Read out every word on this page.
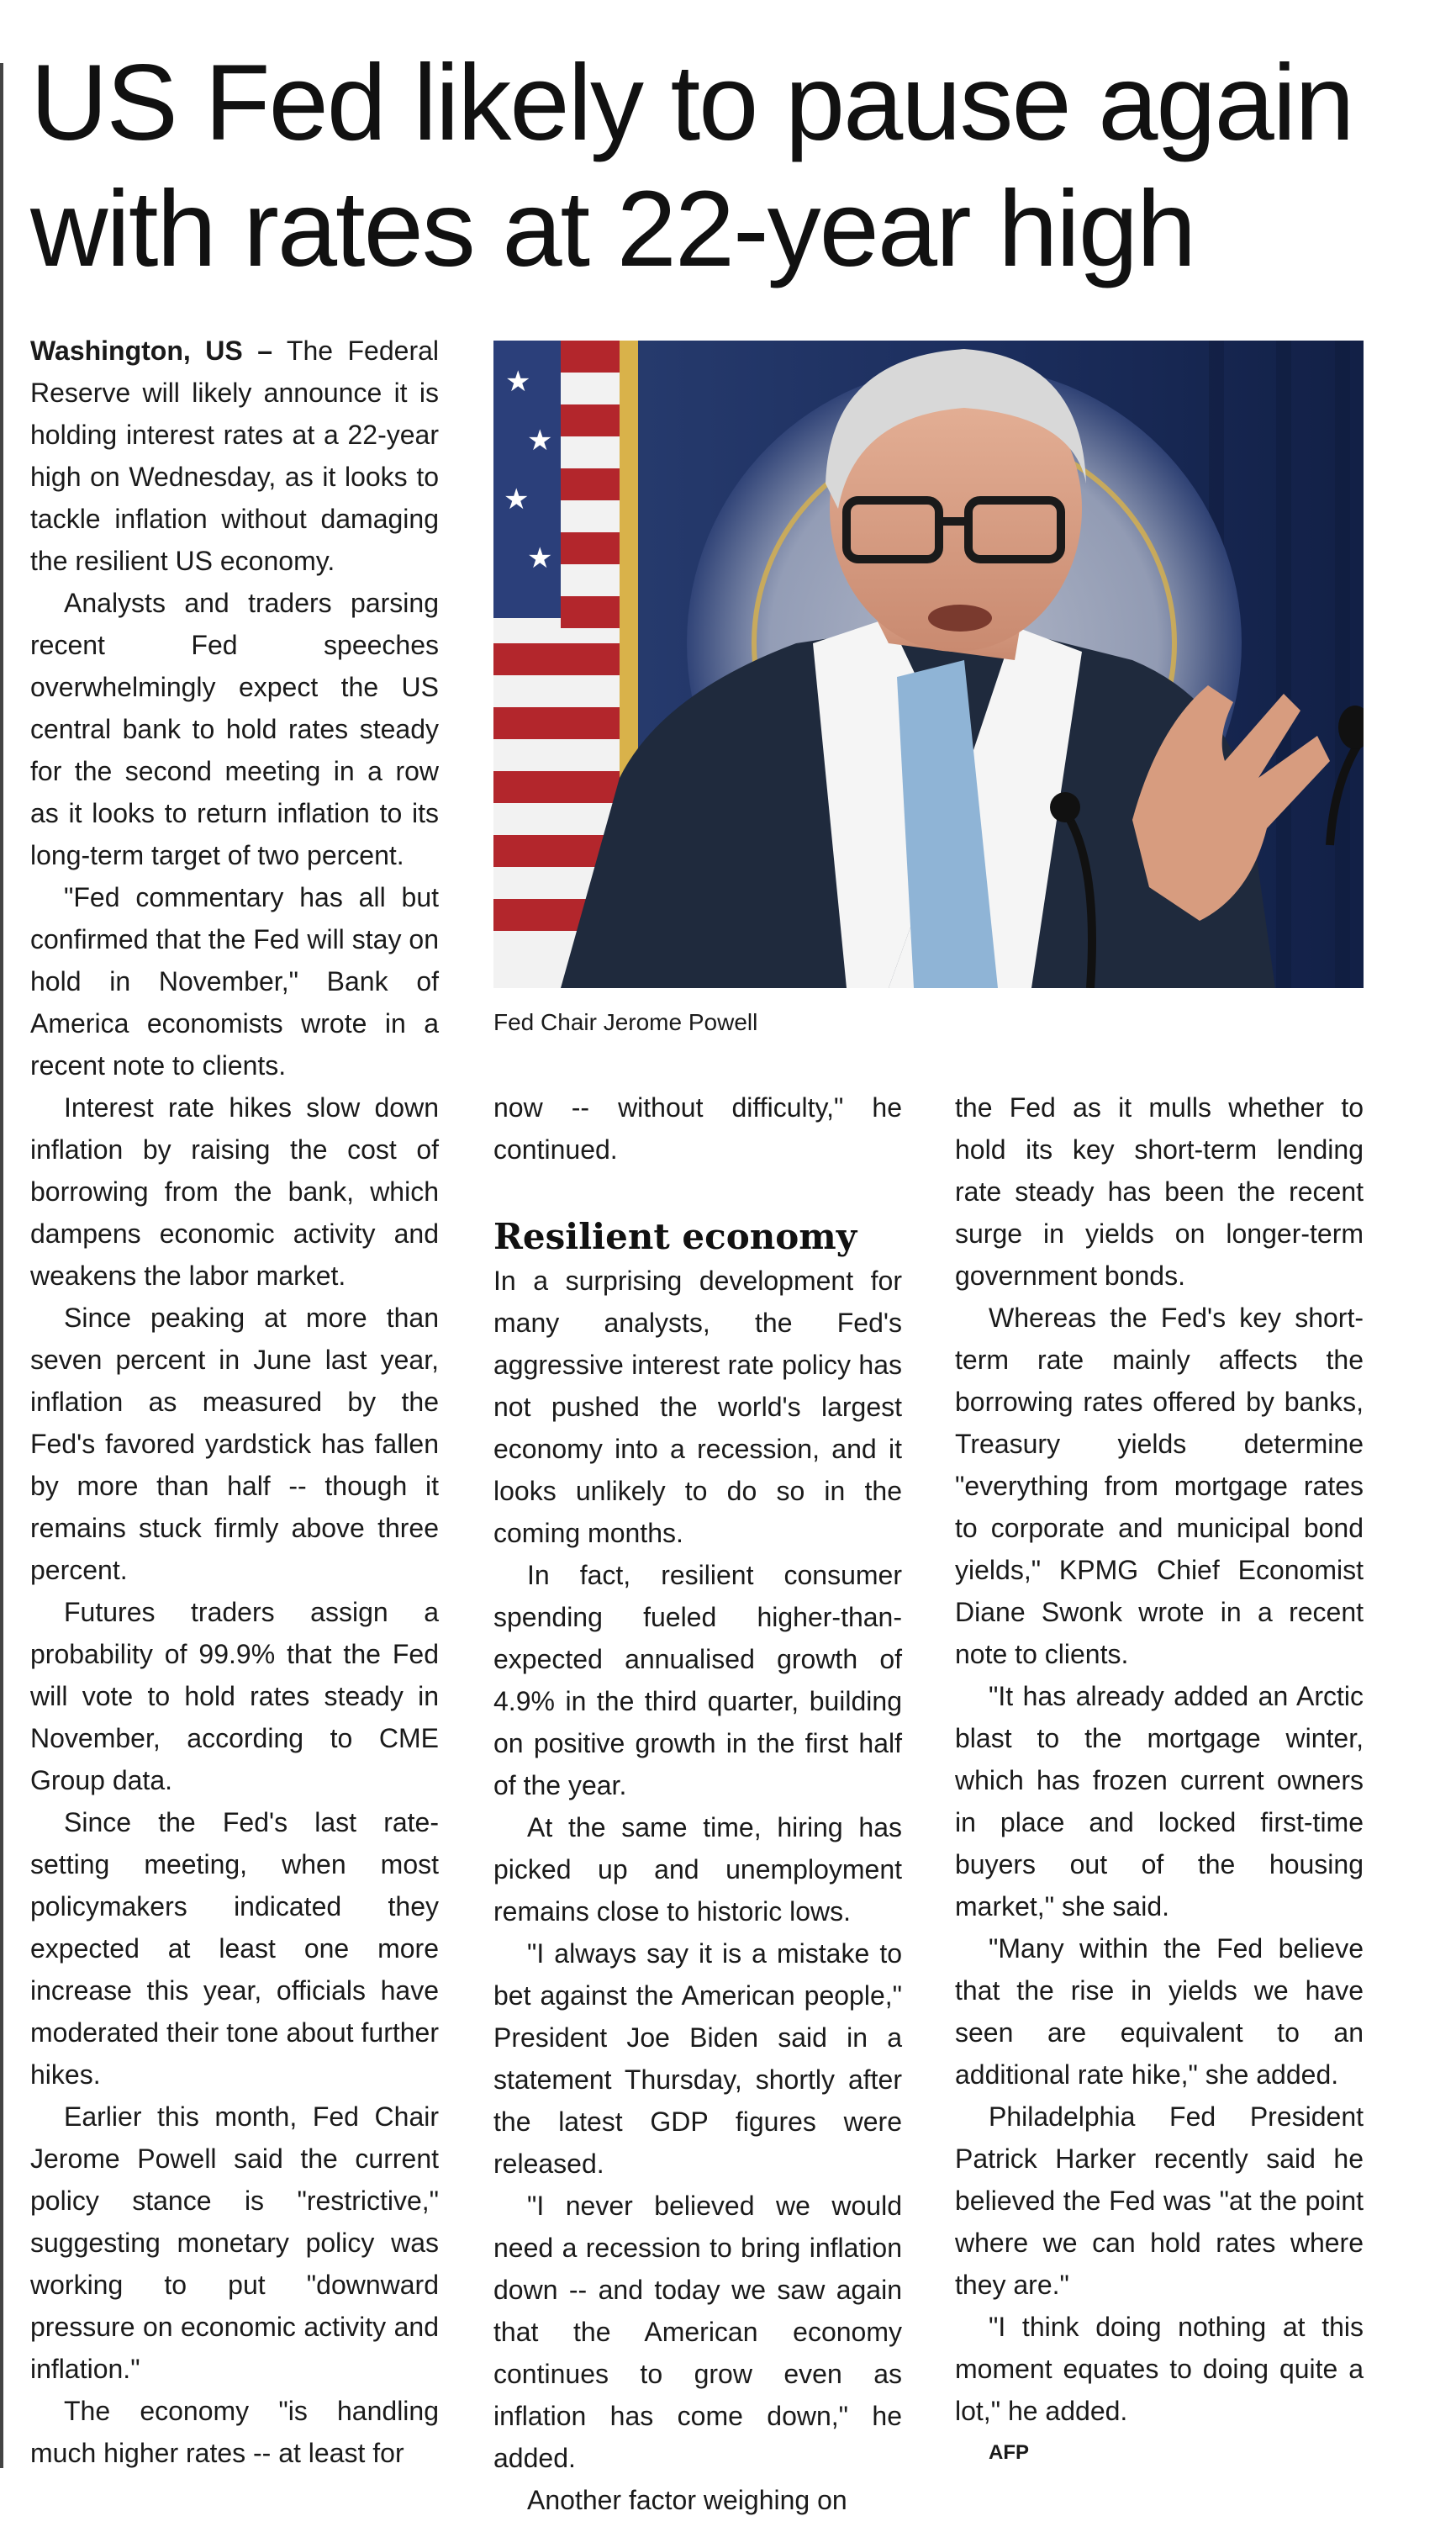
US Fed likely to pause again
with rates at 22-year high

Washington, US – The Federal Reserve will likely announce it is holding interest rates at a 22-year high on Wednesday, as it looks to tackle inflation without damaging the resilient US economy.

Analysts and traders parsing recent Fed speeches overwhelmingly expect the US central bank to hold rates steady for the second meeting in a row as it looks to return inflation to its long-term target of two percent.

"Fed commentary has all but confirmed that the Fed will stay on hold in November," Bank of America economists wrote in a recent note to clients.

Interest rate hikes slow down inflation by raising the cost of borrowing from the bank, which dampens economic activity and weakens the labor market.

Since peaking at more than seven percent in June last year, inflation as measured by the Fed's favored yardstick has fallen by more than half -- though it remains stuck firmly above three percent.

Futures traders assign a probability of 99.9% that the Fed will vote to hold rates steady in November, according to CME Group data.

Since the Fed's last rate-setting meeting, when most policymakers indicated they expected at least one more increase this year, officials have moderated their tone about further hikes.

Earlier this month, Fed Chair Jerome Powell said the current policy stance is "restrictive," suggesting monetary policy was working to put "downward pressure on economic activity and inflation."

The economy "is handling much higher rates -- at least for

★
★
★
★
Fed Chair Jerome Powell

now -- without difficulty," he continued.

Resilient economy

In a surprising development for many analysts, the Fed's aggressive interest rate policy has not pushed the world's largest economy into a recession, and it looks unlikely to do so in the coming months.

In fact, resilient consumer spending fueled higher-than-expected annualised growth of 4.9% in the third quarter, building on positive growth in the first half of the year.

At the same time, hiring has picked up and unemployment remains close to historic lows.

"I always say it is a mistake to bet against the American people," President Joe Biden said in a statement Thursday, shortly after the latest GDP figures were released.

"I never believed we would need a recession to bring inflation down -- and today we saw again that the American economy continues to grow even as inflation has come down," he added.

Another factor weighing on

the Fed as it mulls whether to hold its key short-term lending rate steady has been the recent surge in yields on longer-term government bonds.

Whereas the Fed's key short-term rate mainly affects the borrowing rates offered by banks, Treasury yields determine "everything from mortgage rates to corporate and municipal bond yields," KPMG Chief Economist Diane Swonk wrote in a recent note to clients.

"It has already added an Arctic blast to the mortgage winter, which has frozen current owners in place and locked first-time buyers out of the housing market," she said.

"Many within the Fed believe that the rise in yields we have seen are equivalent to an additional rate hike," she added.

Philadelphia Fed President Patrick Harker recently said he believed the Fed was "at the point where we can hold rates where they are."

"I think doing nothing at this moment equates to doing quite a lot," he added.

AFP
